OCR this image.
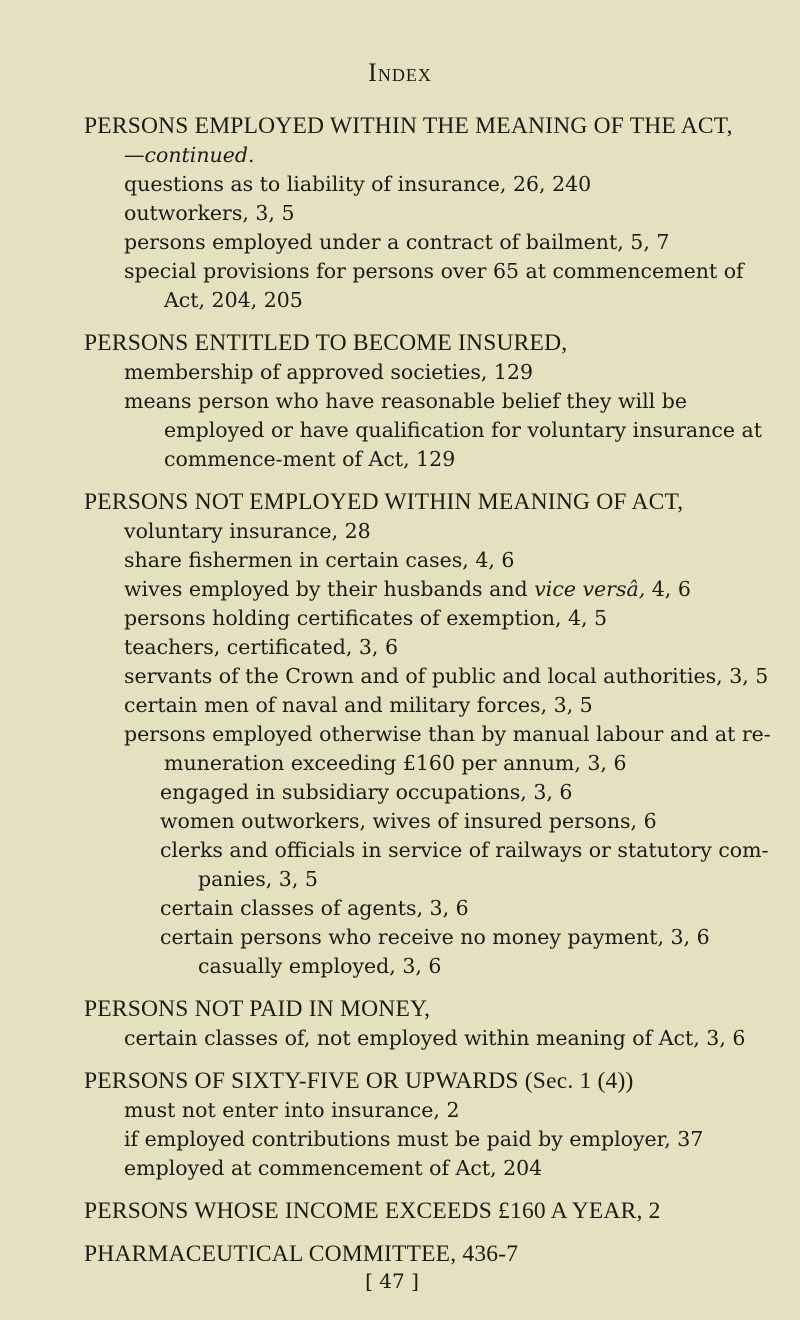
Index
PERSONS EMPLOYED WITHIN THE MEANING OF THE ACT,
—continued.
questions as to liability of insurance, 26, 240
outworkers, 3, 5
persons employed under a contract of bailment, 5, 7
special provisions for persons over 65 at commencement of Act, 204, 205
PERSONS ENTITLED TO BECOME INSURED,
membership of approved societies, 129
means person who have reasonable belief they will be employed or have qualification for voluntary insurance at commence-ment of Act, 129
PERSONS NOT EMPLOYED WITHIN MEANING OF ACT,
voluntary insurance, 28
share fishermen in certain cases, 4, 6
wives employed by their husbands and vice versâ, 4, 6
persons holding certificates of exemption, 4, 5
teachers, certificated, 3, 6
servants of the Crown and of public and local authorities, 3, 5
certain men of naval and military forces, 3, 5
persons employed otherwise than by manual labour and at re-muneration exceeding £160 per annum, 3, 6
engaged in subsidiary occupations, 3, 6
women outworkers, wives of insured persons, 6
clerks and officials in service of railways or statutory com-panies, 3, 5
certain classes of agents, 3, 6
certain persons who receive no money payment, 3, 6
casually employed, 3, 6
PERSONS NOT PAID IN MONEY,
certain classes of, not employed within meaning of Act, 3, 6
PERSONS OF SIXTY-FIVE OR UPWARDS (Sec. 1 (4))
must not enter into insurance, 2
if employed contributions must be paid by employer, 37
employed at commencement of Act, 204
PERSONS WHOSE INCOME EXCEEDS £160 A YEAR, 2
PHARMACEUTICAL COMMITTEE, 436-7
[ 47 ]
